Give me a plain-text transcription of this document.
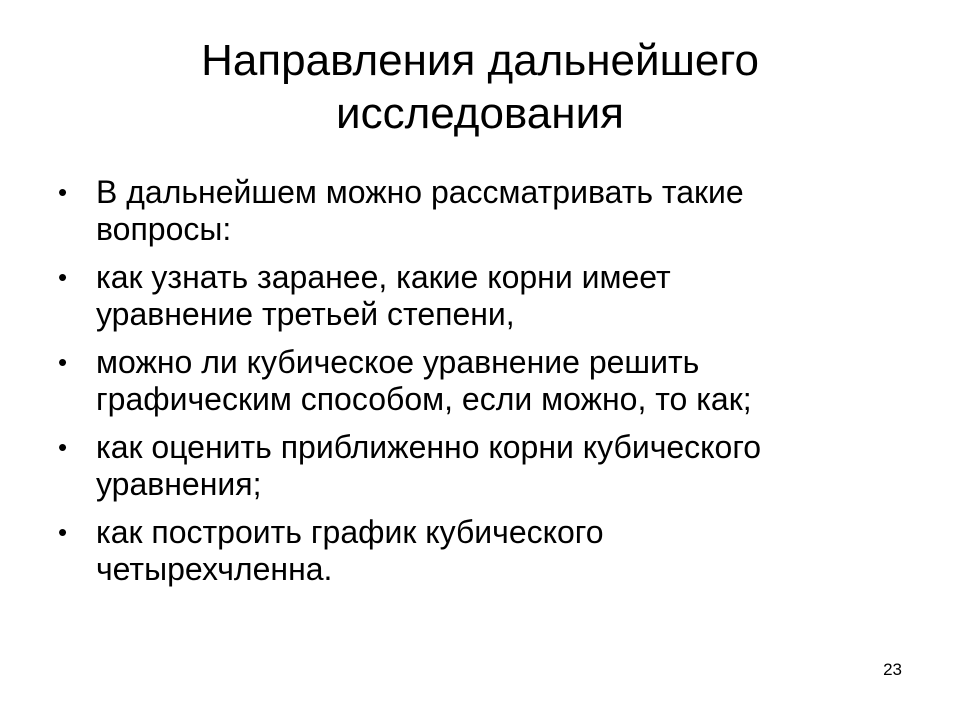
Направления дальнейшего
исследования
• В дальнейшем можно рассматривать такие
вопросы:
• как узнать заранее, какие корни имеет
уравнение третьей степени,
• можно ли кубическое уравнение решить
графическим способом, если можно, то как;
• как оценить приближенно корни кубического
уравнения;
• как построить график кубического
четырехчленна.
23
